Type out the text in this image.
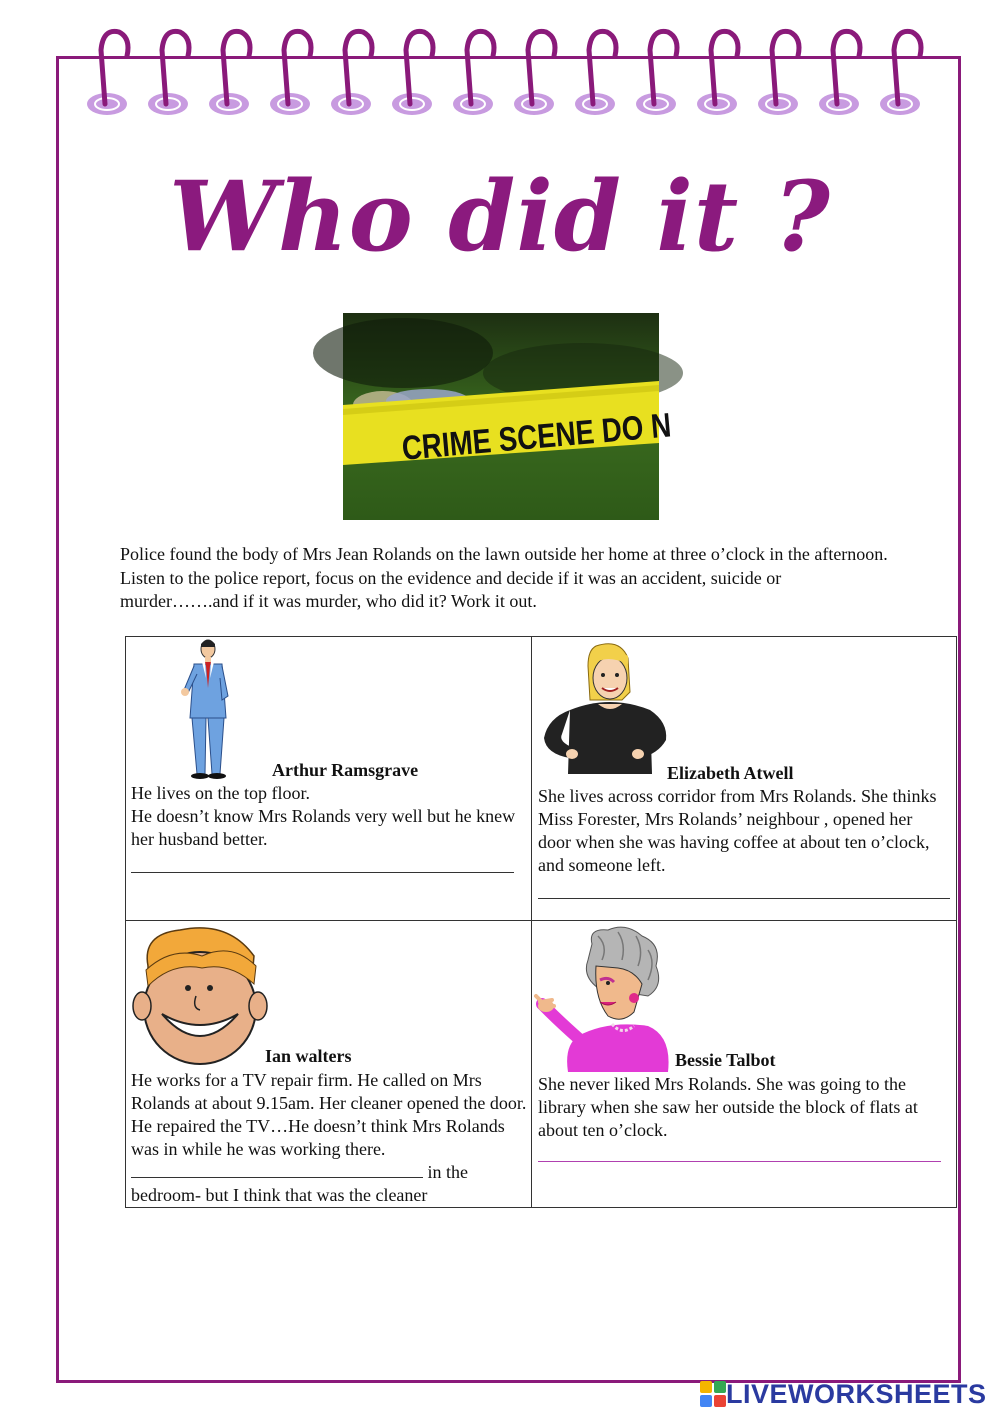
Who did it ?
CRIME SCENE DO N
Police found the body of Mrs Jean Rolands on the lawn outside her home at three o’clock in the afternoon. Listen to the police report, focus on the evidence and decide if it was an accident, suicide or murder…….and if it was murder, who did it? Work it out.
Arthur Ramsgrave
He lives on the top floor.
He doesn’t know Mrs Rolands very well but he knew her husband better.
Elizabeth Atwell
She lives across corridor from Mrs Rolands. She thinks Miss Forester, Mrs Rolands’ neighbour , opened her door when she was having coffee at about ten o’clock, and someone left.
Ian walters
He works for a TV repair firm. He called on Mrs Rolands at about 9.15am. Her cleaner opened the door. He repaired the TV…He doesn’t think Mrs Rolands was in while he was working there.
in the
bedroom- but I think that was the cleaner
Bessie Talbot
She never liked Mrs Rolands. She was going to the library when she saw her outside the block of flats at about ten o’clock.
LIVEWORKSHEETS
